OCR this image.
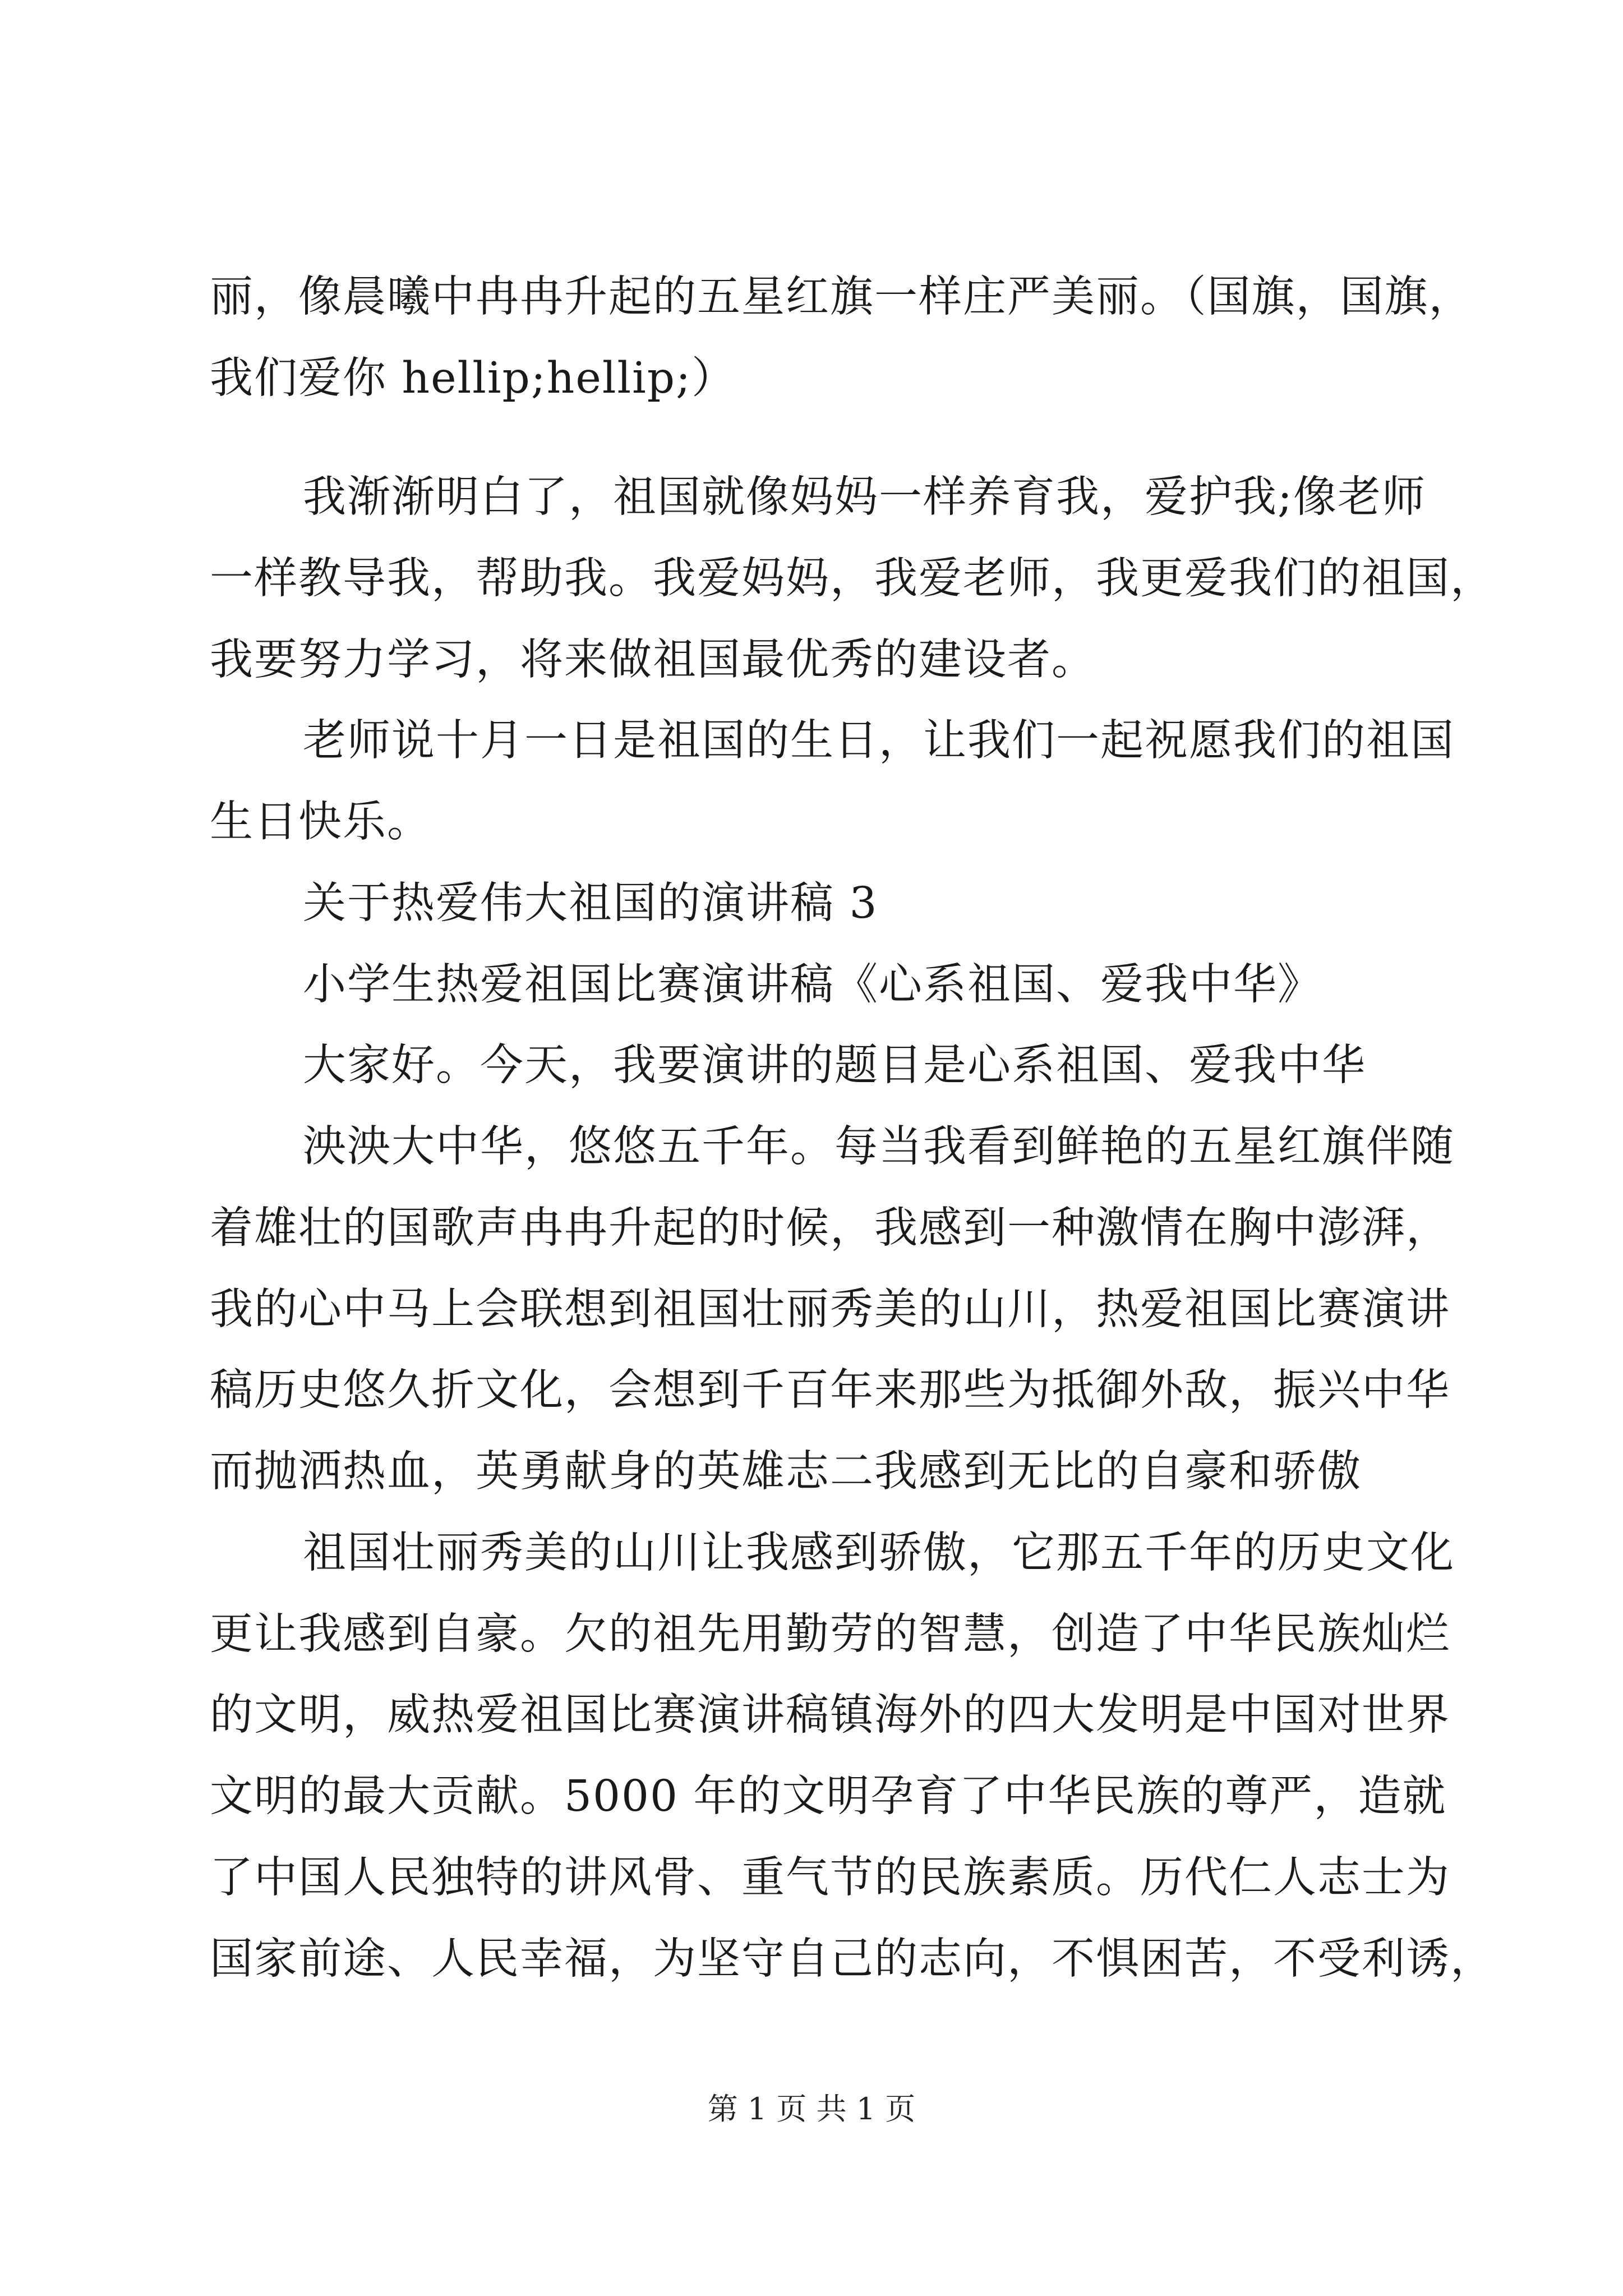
丽，像晨曦中冉冉升起的五星红旗一样庄严美丽。（国旗，国旗，
我们爱你 hellip;hellip;）
我渐渐明白了，祖国就像妈妈一样养育我，爱护我;像老师
一样教导我，帮助我。我爱妈妈，我爱老师，我更爱我们的祖国，
我要努力学习，将来做祖国最优秀的建设者。
老师说十月一日是祖国的生日，让我们一起祝愿我们的祖国
生日快乐。
关于热爱伟大祖国的演讲稿 3
小学生热爱祖国比赛演讲稿《心系祖国、爱我中华》
大家好。今天，我要演讲的题目是心系祖国、爱我中华
泱泱大中华，悠悠五千年。每当我看到鲜艳的五星红旗伴随
着雄壮的国歌声冉冉升起的时候，我感到一种激情在胸中澎湃，
我的心中马上会联想到祖国壮丽秀美的山川，热爱祖国比赛演讲
稿历史悠久折文化，会想到千百年来那些为抵御外敌，振兴中华
而抛洒热血，英勇献身的英雄志二我感到无比的自豪和骄傲
祖国壮丽秀美的山川让我感到骄傲，它那五千年的历史文化
更让我感到自豪。欠的祖先用勤劳的智慧，创造了中华民族灿烂
的文明，威热爱祖国比赛演讲稿镇海外的四大发明是中国对世界
文明的最大贡献。5000 年的文明孕育了中华民族的尊严，造就
了中国人民独特的讲风骨、重气节的民族素质。历代仁人志士为
国家前途、人民幸福，为坚守自己的志向，不惧困苦，不受利诱，
第 1 页 共 1 页
